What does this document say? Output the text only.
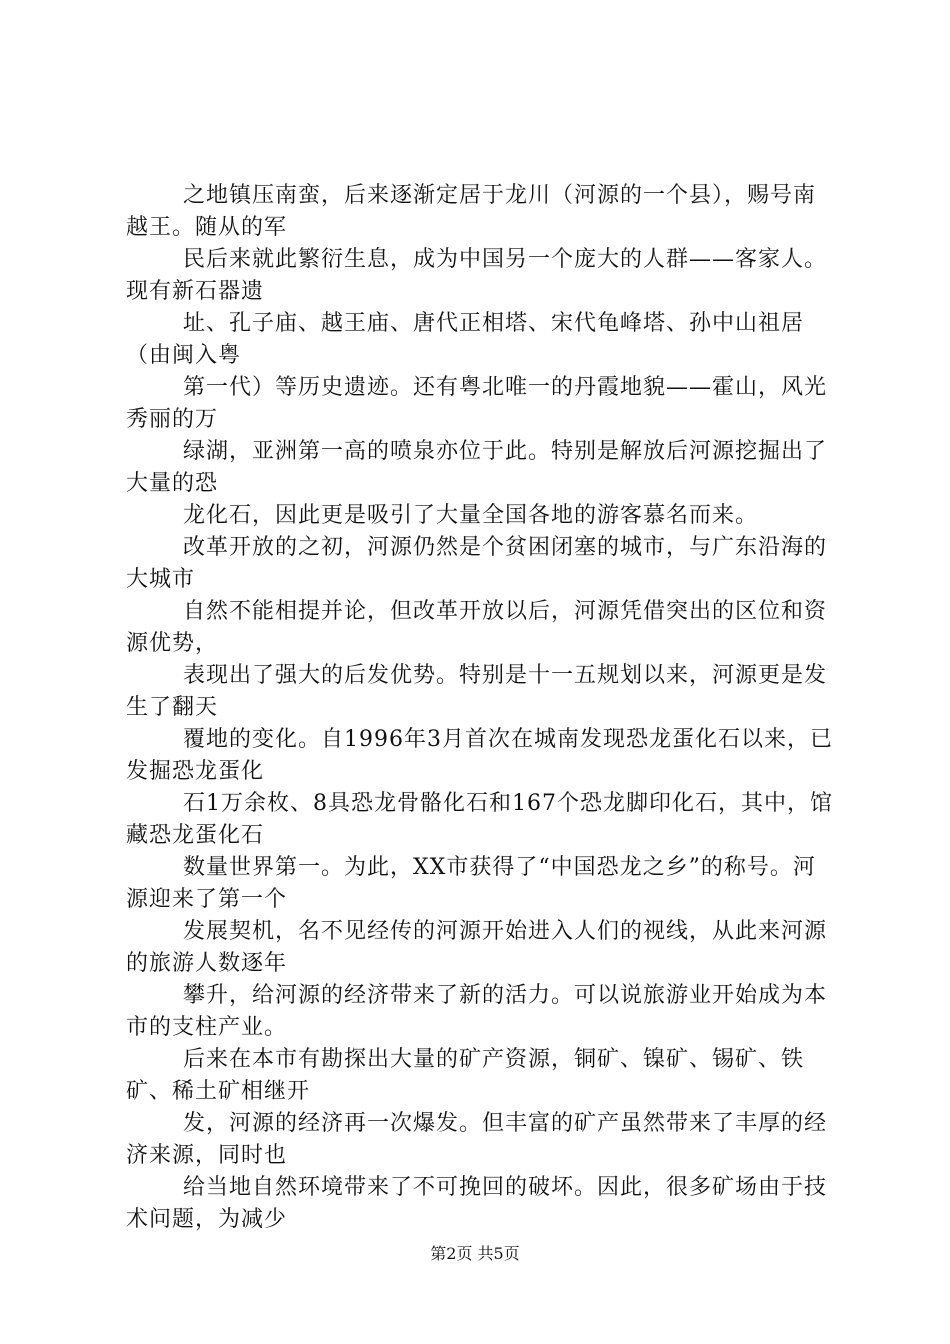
之地镇压南蛮，后来逐渐定居于龙川（河源的一个县），赐号南越王。随从的军

民后来就此繁衍生息，成为中国另一个庞大的人群——客家人。现有新石器遗

址、孔子庙、越王庙、唐代正相塔、宋代龟峰塔、孙中山祖居（由闽入粤

第一代）等历史遗迹。还有粤北唯一的丹霞地貌——霍山，风光秀丽的万

绿湖，亚洲第一高的喷泉亦位于此。特别是解放后河源挖掘出了大量的恐

龙化石，因此更是吸引了大量全国各地的游客慕名而来。

改革开放的之初，河源仍然是个贫困闭塞的城市，与广东沿海的大城市

自然不能相提并论，但改革开放以后，河源凭借突出的区位和资源优势，

表现出了强大的后发优势。特别是十一五规划以来，河源更是发生了翻天

覆地的变化。自1996年3月首次在城南发现恐龙蛋化石以来，已发掘恐龙蛋化

石1万余枚、8具恐龙骨骼化石和167个恐龙脚印化石，其中，馆藏恐龙蛋化石

数量世界第一。为此，XX市获得了“中国恐龙之乡”的称号。河源迎来了第一个

发展契机，名不见经传的河源开始进入人们的视线，从此来河源的旅游人数逐年

攀升，给河源的经济带来了新的活力。可以说旅游业开始成为本市的支柱产业。

后来在本市有勘探出大量的矿产资源，铜矿、镍矿、锡矿、铁矿、稀土矿相继开

发，河源的经济再一次爆发。但丰富的矿产虽然带来了丰厚的经济来源，同时也

给当地自然环境带来了不可挽回的破坏。因此，很多矿场由于技术问题，为减少

第2页 共5页
